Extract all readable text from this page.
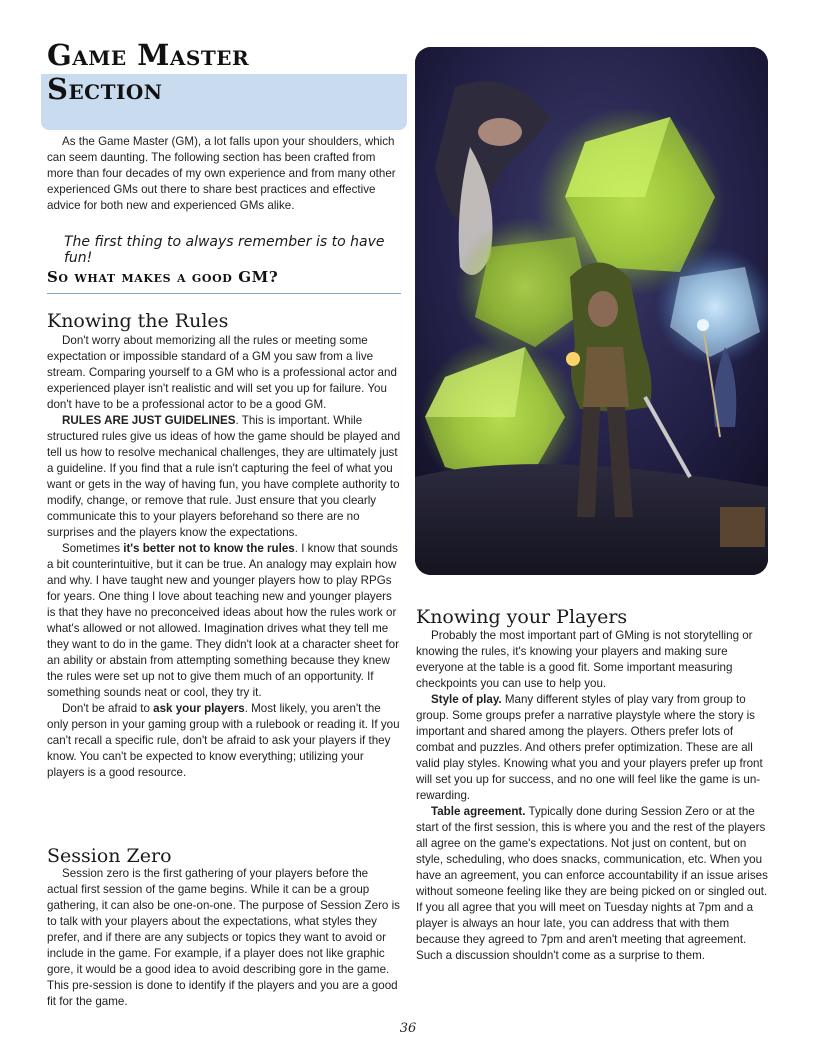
Game Master
Section

As the Game Master (GM), a lot falls upon your shoulders, which can seem daunting. The following section has been crafted from more than four decades of my own experience and from many other experienced GMs out there to share best practices and effective advice for both new and experienced GMs alike.

The first thing to always remember is to have fun!

So what makes a good GM?
Knowing the Rules

Don't worry about memorizing all the rules or meeting some expectation or impossible standard of a GM you saw from a live stream. Comparing yourself to a GM who is a professional actor and experienced player isn't realistic and will set you up for failure. You don't have to be a professional actor to be a good GM.

RULES ARE JUST GUIDELINES. This is important. While structured rules give us ideas of how the game should be played and tell us how to resolve mechanical challenges, they are ultimately just a guideline. If you find that a rule isn't capturing the feel of what you want or gets in the way of having fun, you have complete authority to modify, change, or remove that rule. Just ensure that you clearly communicate this to your players beforehand so there are no surprises and the players know the expectations.

Sometimes it's better not to know the rules. I know that sounds a bit counterintuitive, but it can be true. An analogy may explain how and why. I have taught new and younger players how to play RPGs for years. One thing I love about teaching new and younger players is that they have no preconceived ideas about how the rules work or what's allowed or not allowed. Imagination drives what they tell me they want to do in the game. They didn't look at a character sheet for an ability or abstain from attempting something because they knew the rules were set up not to give them much of an opportunity. If something sounds neat or cool, they try it.

Don't be afraid to ask your players. Most likely, you aren't the only person in your gaming group with a rulebook or reading it. If you can't recall a specific rule, don't be afraid to ask your players if they know. You can't be expected to know everything; utilizing your players is a good resource.

Session Zero

Session zero is the first gathering of your players before the actual first session of the game begins. While it can be a group gathering, it can also be one-on-one. The purpose of Session Zero is to talk with your players about the expectations, what styles they prefer, and if there are any subjects or topics they want to avoid or include in the game. For example, if a player does not like graphic gore, it would be a good idea to avoid describing gore in the game. This pre-session is done to identify if the players and you are a good fit for the game.

Knowing your Players

Probably the most important part of GMing is not storytelling or knowing the rules, it's knowing your players and making sure everyone at the table is a good fit. Some important measuring checkpoints you can use to help you.

Style of play. Many different styles of play vary from group to group. Some groups prefer a narrative playstyle where the story is important and shared among the players. Others prefer lots of combat and puzzles. And others prefer optimization. These are all valid play styles. Knowing what you and your players prefer up front will set you up for success, and no one will feel like the game is un-rewarding.

Table agreement. Typically done during Session Zero or at the start of the first session, this is where you and the rest of the players all agree on the game's expectations. Not just on content, but on style, scheduling, who does snacks, communication, etc. When you have an agreement, you can enforce accountability if an issue arises without someone feeling like they are being picked on or singled out. If you all agree that you will meet on Tuesday nights at 7pm and a player is always an hour late, you can address that with them because they agreed to 7pm and aren't meeting that agreement. Such a discussion shouldn't come as a surprise to them.

36
